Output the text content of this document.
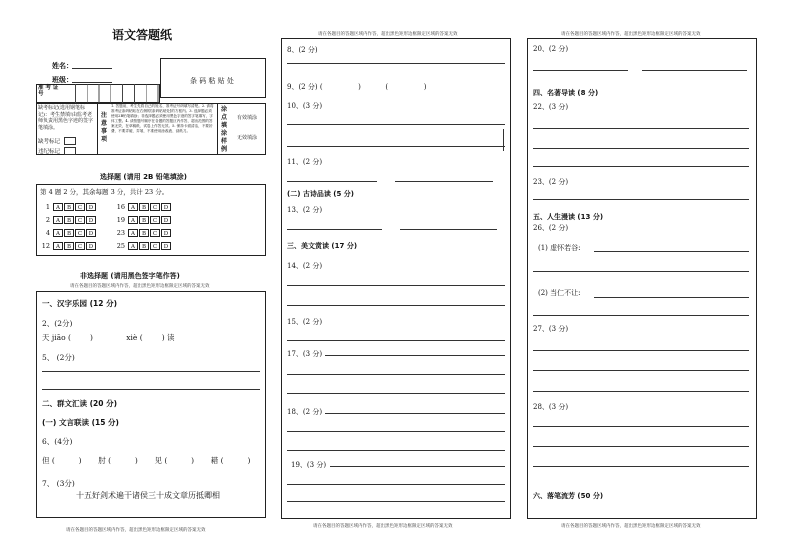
语文答题纸
姓名：
班级：	条 码 粘 贴 处
准 考 证 号
缺考标记(选用钢笔标记)：考生禁填!由监考老师负责用黑色字迹的签字笔填涂。
缺考标记
违纪标记
注 意 事 项
1. 答题前，考生先将自己的姓名、准考证号码填写清楚。2. 请将准考证条码粘贴在右侧的[条码粘贴处]的方框内。3. 选择题必须使用2B铅笔填涂；非选择题必须使用黑色字迹的签字笔填写，字体工整。4. 请按题号顺序在各题的答题区内作答，超出范围的答案无效，在草稿纸、试卷上作答无效。5. 保持卡面清洁，不要折叠、不要弄破、弄皱，不准使用涂改液、刮纸刀。
涂 点 填 涂 样 例
有效填涂
无效填涂
选择题 (请用 2B 铅笔填涂)
第 4 题 2 分，其余每题 3 分，共计 23 分。
1 A B C D
2 A B C D
4 A B C D
12 A B C D
16 A B C D
19 A B C D
23 A B C D
25 A B C D
非选择题 (请用黑色签字笔作答)
请在各题目的答题区域内作答，超出黑色矩形边框限定区域的答案无效
一、汉字乐园 (12 分)
2、(2分)
天 jiāo (        )              xiè (        ) 读
5、 (2分)
二、群文汇读 (20 分)
(一) 文言联读 (15 分)
6、(4分)
但 (          )       肘 (          )       见 (          )       耤 (          )
7、 (3分)
十五好剑术遍干诸侯三十成文章历抵卿相
请在各题目的答题区域内作答，超出黑色矩形边框限定区域的答案无效
请在各题目的答题区域内作答，超出黑色矩形边框限定区域的答案无效
8、(2 分)
9、(2 分) (                )           (                )
10、(3 分)
11、(2 分)
(二) 古诗品读 (5 分)
13、(2 分)
三、美文赏读 (17 分)
14、(2 分)
15、(2 分)
17、(3 分)
18、(2 分)
19、(3 分)
请在各题目的答题区域内作答，超出黑色矩形边框限定区域的答案无效
请在各题目的答题区域内作答，超出黑色矩形边框限定区域的答案无效
20、(2 分)
四、名著导读 (8 分)
22、(3 分)
23、(2 分)
五、人生漫读 (13 分)
26、(2 分)
(1) 虚怀若谷:
(2) 当仁不让:
27、(3 分)
28、(3 分)
六、落笔流芳 (50 分)
请在各题目的答题区域内作答，超出黑色矩形边框限定区域的答案无效
